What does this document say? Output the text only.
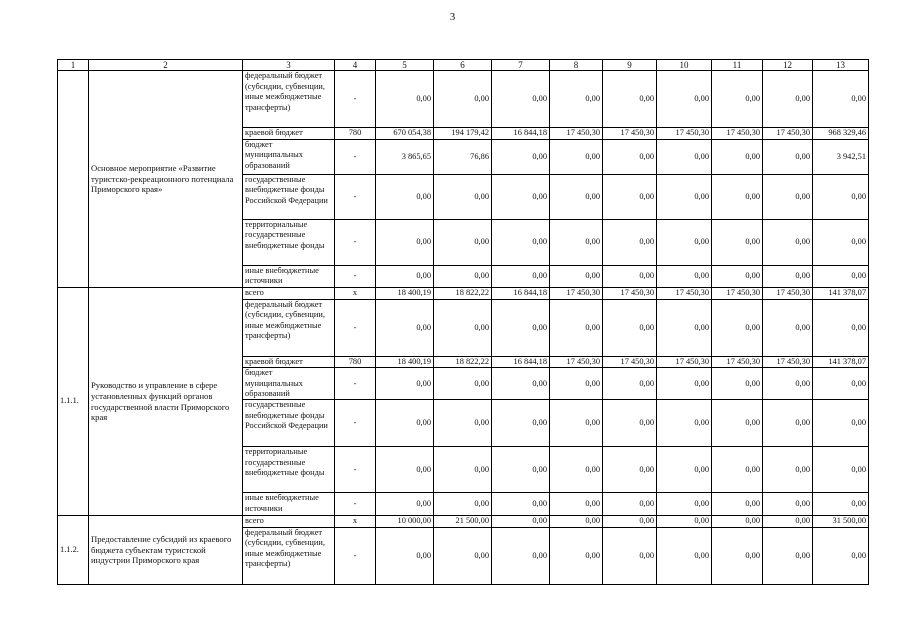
3
1	2	3	4	5	6	7	8	9	10	11	12	13
	Основное мероприятие «Развитие туристско-рекреационного потенциала Приморского края»	федеральный бюджет (субсидии, субвенции, иные межбюджетные трансферты)	-	0,00	0,00	0,00	0,00	0,00	0,00	0,00	0,00	0,00
		краевой бюджет	780	670 054,38	194 179,42	16 844,18	17 450,30	17 450,30	17 450,30	17 450,30	17 450,30	968 329,46
		бюджет муниципальных образований	-	3 865,65	76,86	0,00	0,00	0,00	0,00	0,00	0,00	3 942,51
		государственные внебюджетные фонды Российской Федерации	-	0,00	0,00	0,00	0,00	0,00	0,00	0,00	0,00	0,00
		территориальные государственные внебюджетные фонды	-	0,00	0,00	0,00	0,00	0,00	0,00	0,00	0,00	0,00
		иные внебюджетные источники	-	0,00	0,00	0,00	0,00	0,00	0,00	0,00	0,00	0,00
1.1.1.	Руководство и управление в сфере установленных функций органов государственной власти Приморского края	всего	х	18 400,19	18 822,22	16 844,18	17 450,30	17 450,30	17 450,30	17 450,30	17 450,30	141 378,07
		федеральный бюджет (субсидии, субвенции, иные межбюджетные трансферты)	-	0,00	0,00	0,00	0,00	0,00	0,00	0,00	0,00	0,00
		краевой бюджет	780	18 400,19	18 822,22	16 844,18	17 450,30	17 450,30	17 450,30	17 450,30	17 450,30	141 378,07
		бюджет муниципальных образований	-	0,00	0,00	0,00	0,00	0,00	0,00	0,00	0,00	0,00
		государственные внебюджетные фонды Российской Федерации	-	0,00	0,00	0,00	0,00	0,00	0,00	0,00	0,00	0,00
		территориальные государственные внебюджетные фонды	-	0,00	0,00	0,00	0,00	0,00	0,00	0,00	0,00	0,00
		иные внебюджетные источники	-	0,00	0,00	0,00	0,00	0,00	0,00	0,00	0,00	0,00
1.1.2.	Предоставление субсидий из краевого бюджета субъектам туристской индустрии Приморского края	всего	х	10 000,00	21 500,00	0,00	0,00	0,00	0,00	0,00	0,00	31 500,00
		федеральный бюджет (субсидии, субвенции, иные межбюджетные трансферты)	-	0,00	0,00	0,00	0,00	0,00	0,00	0,00	0,00	0,00
